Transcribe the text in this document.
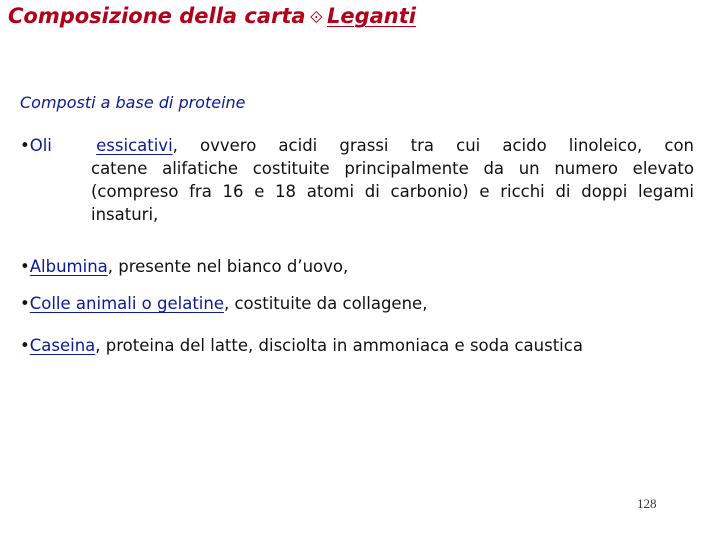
Composizione della carta ⟐ Leganti
Composti a base di proteine
•Oli	essicativi, ovvero acidi grassi tra cui acido linoleico, con
catene alifatiche costituite principalmente da un numero elevato (compreso fra 16 e 18 atomi di carbonio) e ricchi di doppi legami insaturi,
•Albumina, presente nel bianco d’uovo,
•Colle animali o gelatine, costituite da collagene,
•Caseina, proteina del latte, disciolta in ammoniaca e soda caustica
128
